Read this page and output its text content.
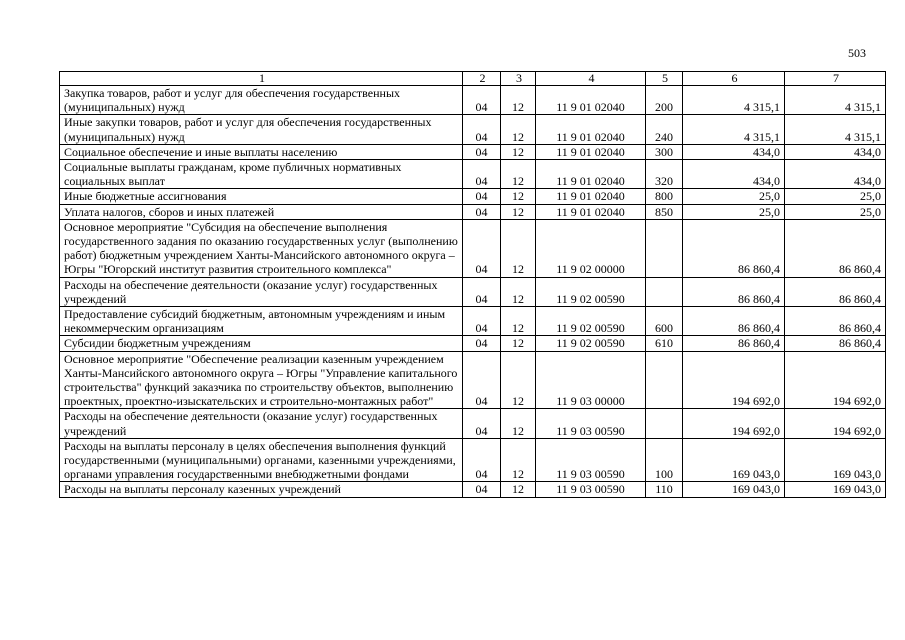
503
1	2	3	4	5	6	7
Закупка товаров, работ и услуг для обеспечения государственных (муниципальных) нужд	04	12	11 9 01 02040	200	4 315,1	4 315,1
Иные закупки товаров, работ и услуг для обеспечения государственных (муниципальных) нужд	04	12	11 9 01 02040	240	4 315,1	4 315,1
Социальное обеспечение и иные выплаты населению	04	12	11 9 01 02040	300	434,0	434,0
Социальные выплаты гражданам, кроме публичных нормативных социальных выплат	04	12	11 9 01 02040	320	434,0	434,0
Иные бюджетные ассигнования	04	12	11 9 01 02040	800	25,0	25,0
Уплата налогов, сборов и иных платежей	04	12	11 9 01 02040	850	25,0	25,0
Основное мероприятие "Субсидия на обеспечение выполнения государственного задания по оказанию государственных услуг (выполнению работ) бюджетным учреждением Ханты-Мансийского автономного округа – Югры "Югорский институт развития строительного комплекса"	04	12	11 9 02 00000		86 860,4	86 860,4
Расходы на обеспечение деятельности (оказание услуг) государственных учреждений	04	12	11 9 02 00590		86 860,4	86 860,4
Предоставление субсидий бюджетным, автономным учреждениям и иным некоммерческим организациям	04	12	11 9 02 00590	600	86 860,4	86 860,4
Субсидии бюджетным учреждениям	04	12	11 9 02 00590	610	86 860,4	86 860,4
Основное мероприятие "Обеспечение реализации казенным учреждением Ханты-Мансийского автономного округа – Югры "Управление капитального строительства" функций заказчика по строительству объектов, выполнению проектных, проектно-изыскательских и строительно-монтажных работ"	04	12	11 9 03 00000		194 692,0	194 692,0
Расходы на обеспечение деятельности (оказание услуг) государственных учреждений	04	12	11 9 03 00590		194 692,0	194 692,0
Расходы на выплаты персоналу в целях обеспечения выполнения функций государственными (муниципальными) органами, казенными учреждениями, органами управления государственными внебюджетными фондами	04	12	11 9 03 00590	100	169 043,0	169 043,0
Расходы на выплаты персоналу казенных учреждений	04	12	11 9 03 00590	110	169 043,0	169 043,0
